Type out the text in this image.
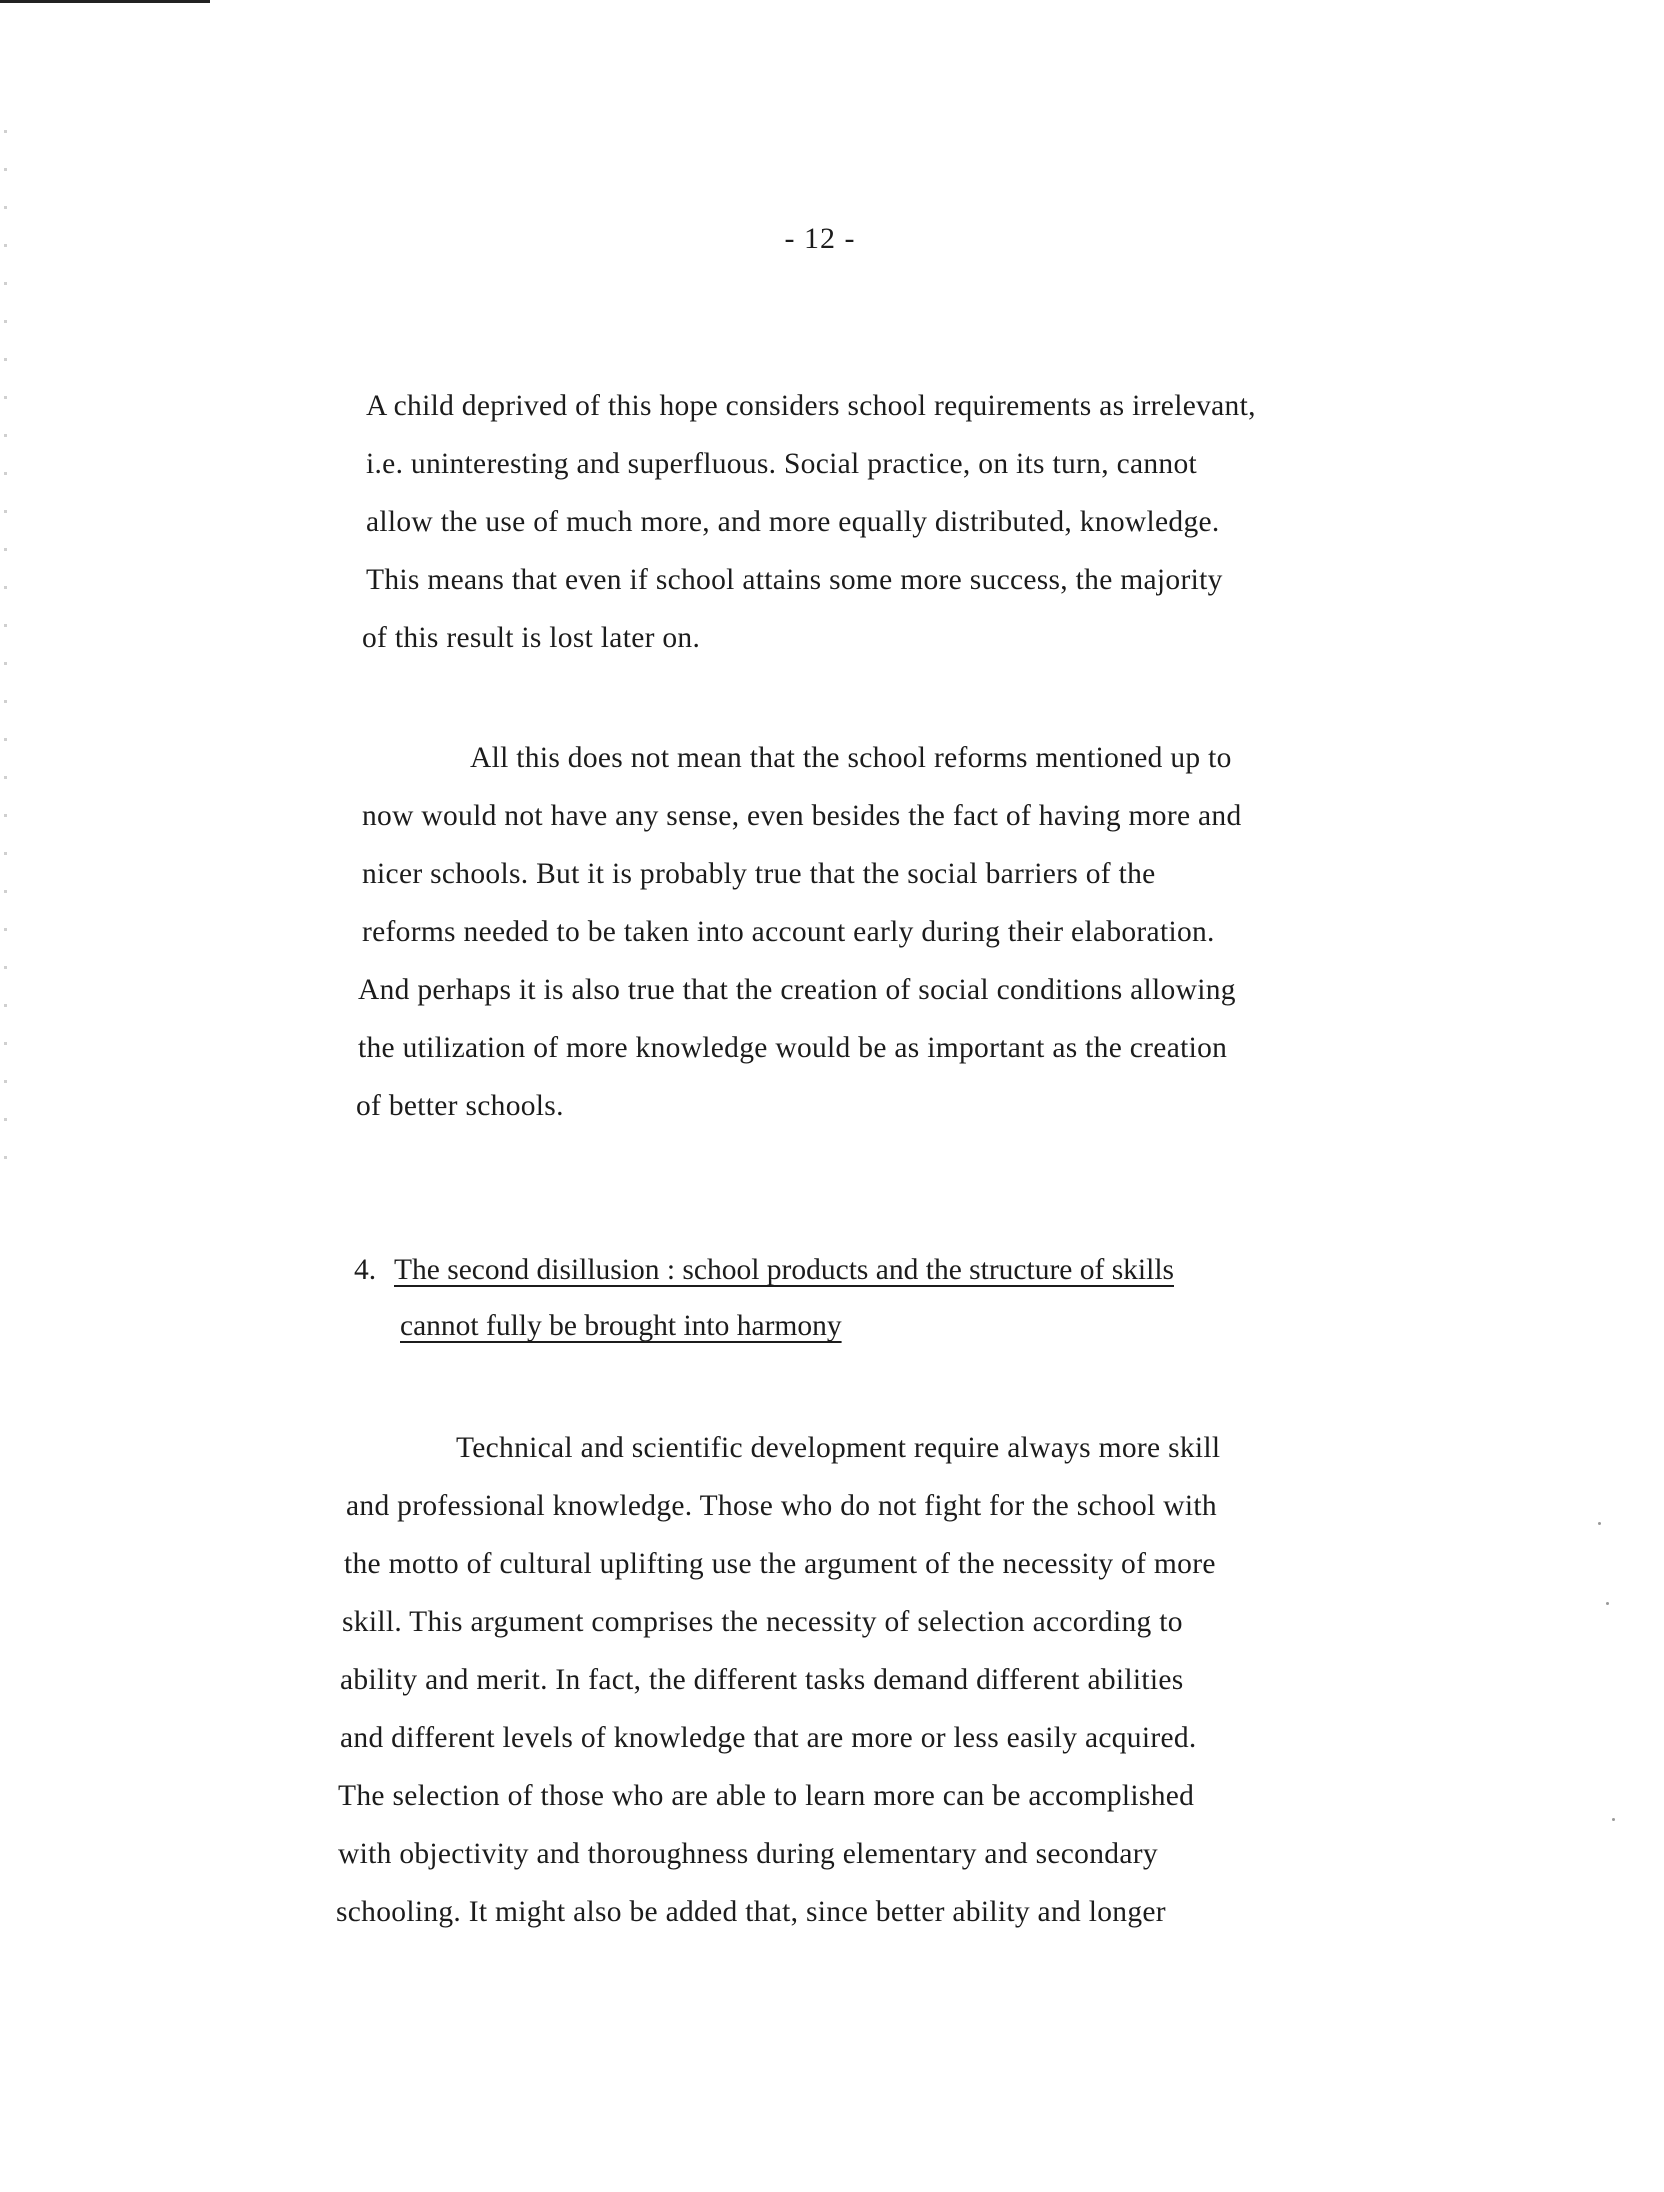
- 12 -
A child deprived of this hope considers school requirements as irrelevant,
i.e. uninteresting and superfluous. Social practice, on its turn, cannot
allow the use of much more, and more equally distributed, knowledge.
This means that even if school attains some more success, the majority
of this result is lost later on.
All this does not mean that the school reforms mentioned up to
now would not have any sense, even besides the fact of having more and
nicer schools. But it is probably true that the social barriers of the
reforms needed to be taken into account early during their elaboration.
And perhaps it is also true that the creation of social conditions allowing
the utilization of more knowledge would be as important as the creation
of better schools.
4. The second disillusion : school products and the structure of skills
cannot fully be brought into harmony
Technical and scientific development require always more skill
and professional knowledge. Those who do not fight for the school with
the motto of cultural uplifting use the argument of the necessity of more
skill. This argument comprises the necessity of selection according to
ability and merit. In fact, the different tasks demand different abilities
and different levels of knowledge that are more or less easily acquired.
The selection of those who are able to learn more can be accomplished
with objectivity and thoroughness during elementary and secondary
schooling. It might also be added that, since better ability and longer
